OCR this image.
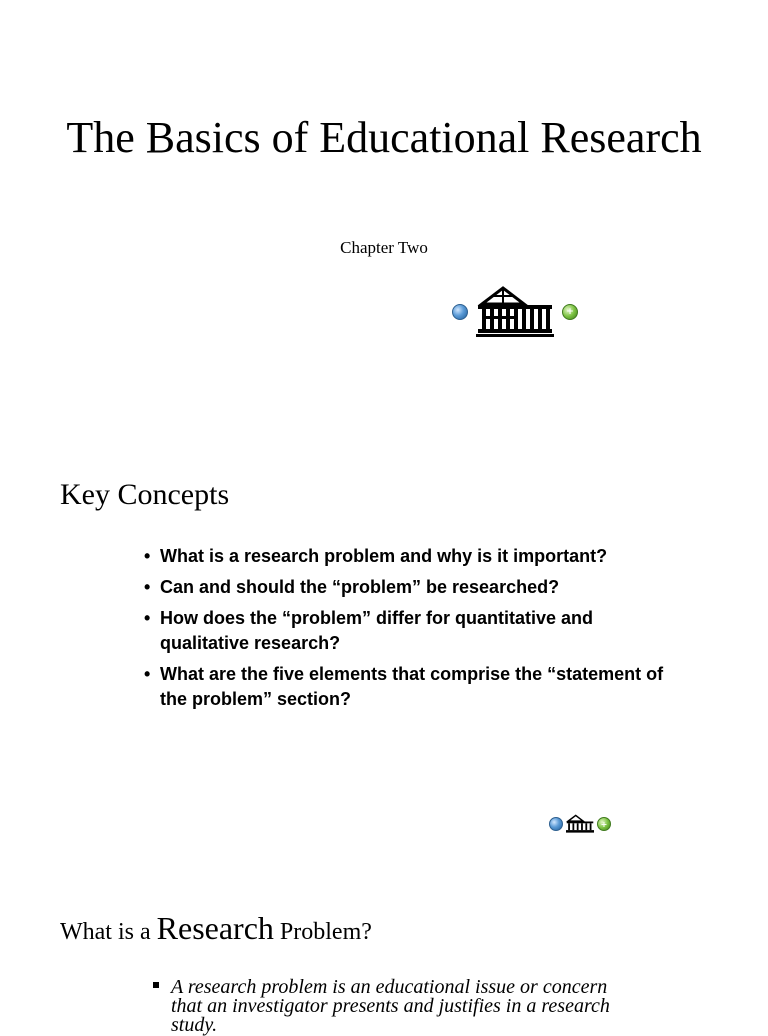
The Basics of Educational Research
Chapter Two
+
Key Concepts
• What is a research problem and why is it important?
• Can and should the “problem” be researched?
• How does the “problem” differ for quantitative and qualitative research?
• What are the five elements that comprise the “statement of the problem” section?
+
What is a Research Problem?
A research problem is an educational issue or concern that an investigator presents and justifies in a research study.
